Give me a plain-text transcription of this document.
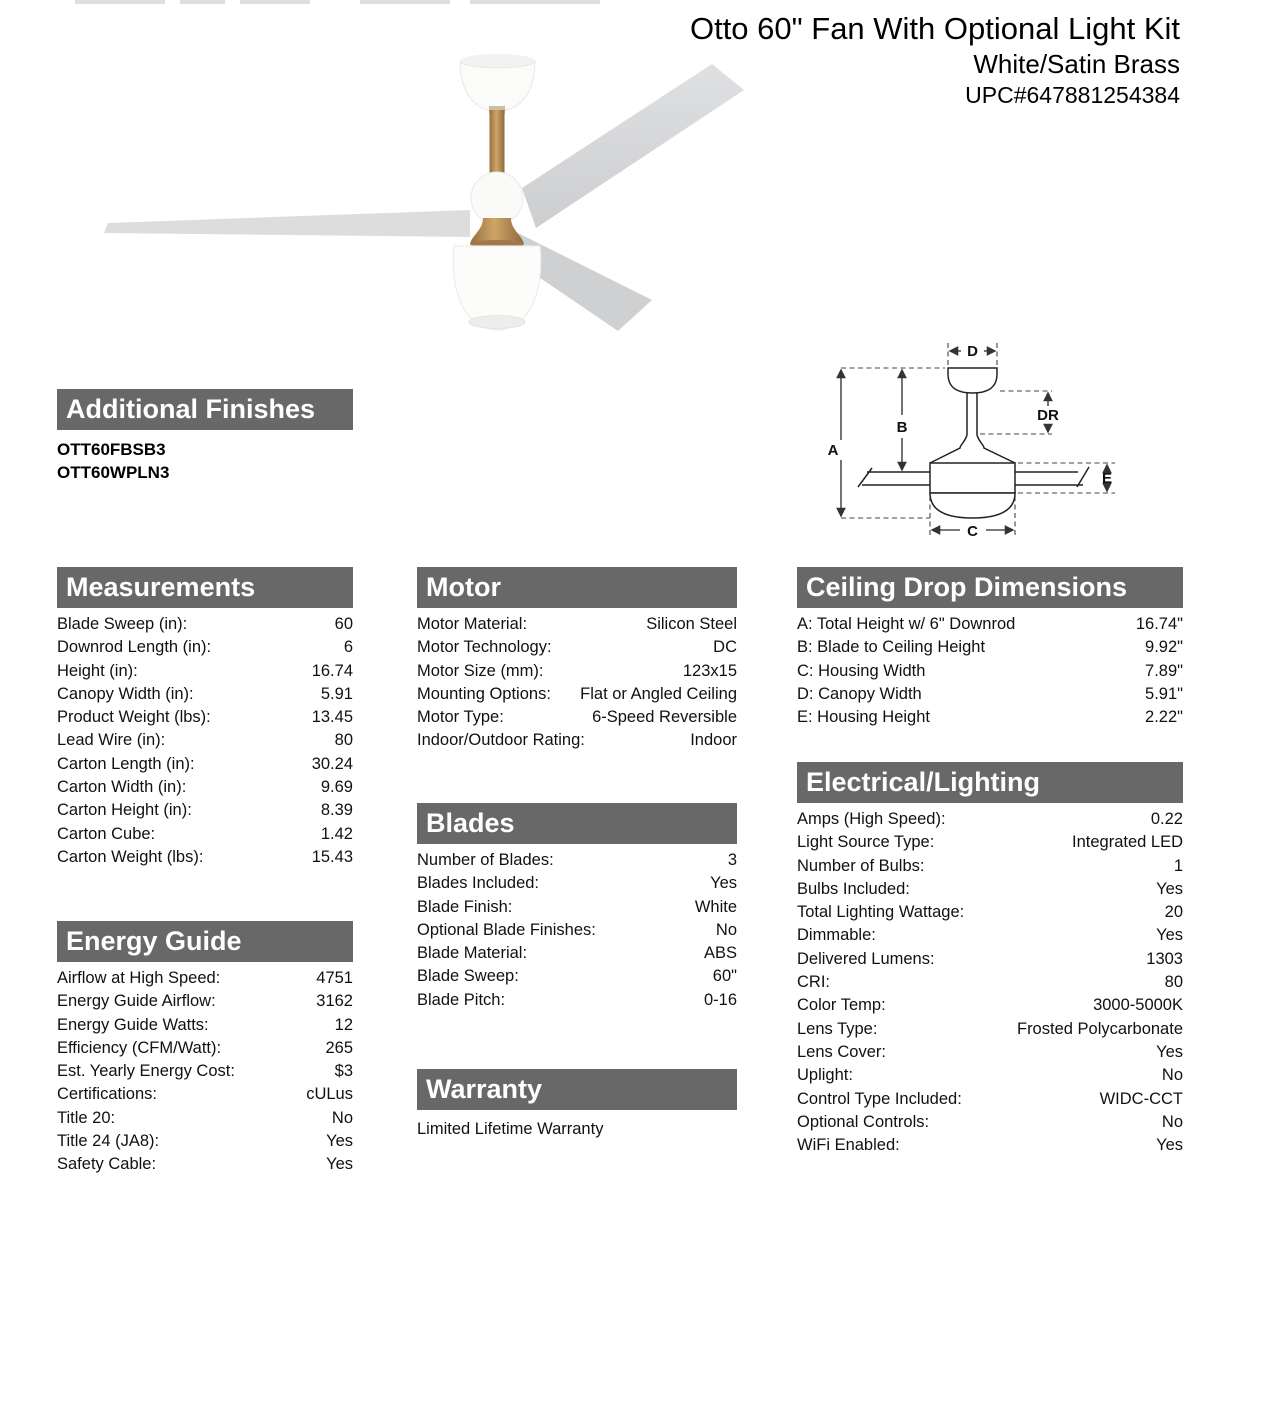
Otto 60" Fan With Optional Light Kit
White/Satin Brass
UPC#647881254384
D
A
B
DR
E
C
Additional Finishes
OTT60FBSB3
OTT60WPLN3
Measurements
Blade Sweep (in):	60
Downrod Length (in):	6
Height (in):	16.74
Canopy Width (in):	5.91
Product Weight (lbs):	13.45
Lead Wire (in):	80
Carton Length (in):	30.24
Carton Width (in):	9.69
Carton Height (in):	8.39
Carton Cube:	1.42
Carton Weight (lbs):	15.43
Energy Guide
Airflow at High Speed:	4751
Energy Guide Airflow:	3162
Energy Guide Watts:	12
Efficiency (CFM/Watt):	265
Est. Yearly Energy Cost:	$3
Certifications:	cULus
Title 20:	No
Title 24 (JA8):	Yes
Safety Cable:	Yes
Motor
Motor Material:	Silicon Steel
Motor Technology:	DC
Motor Size (mm):	123x15
Mounting Options: Flat or Angled Ceiling
Motor Type:	6-Speed Reversible
Indoor/Outdoor Rating:	Indoor
Blades
Number of Blades:	3
Blades Included:	Yes
Blade Finish:	White
Optional Blade Finishes:	No
Blade Material:	ABS
Blade Sweep:	60"
Blade Pitch:	0-16
Warranty
Limited Lifetime Warranty
Ceiling Drop Dimensions
A: Total Height w/ 6" Downrod	16.74"
B: Blade to Ceiling Height	9.92"
C: Housing Width	7.89"
D: Canopy Width	5.91"
E: Housing Height	2.22"
Electrical/Lighting
Amps (High Speed):	0.22
Light Source Type:	Integrated LED
Number of Bulbs:	1
Bulbs Included:	Yes
Total Lighting Wattage:	20
Dimmable:	Yes
Delivered Lumens:	1303
CRI:	80
Color Temp:	3000-5000K
Lens Type:	Frosted Polycarbonate
Lens Cover:	Yes
Uplight:	No
Control Type Included:	WIDC-CCT
Optional Controls:	No
WiFi Enabled:	Yes
